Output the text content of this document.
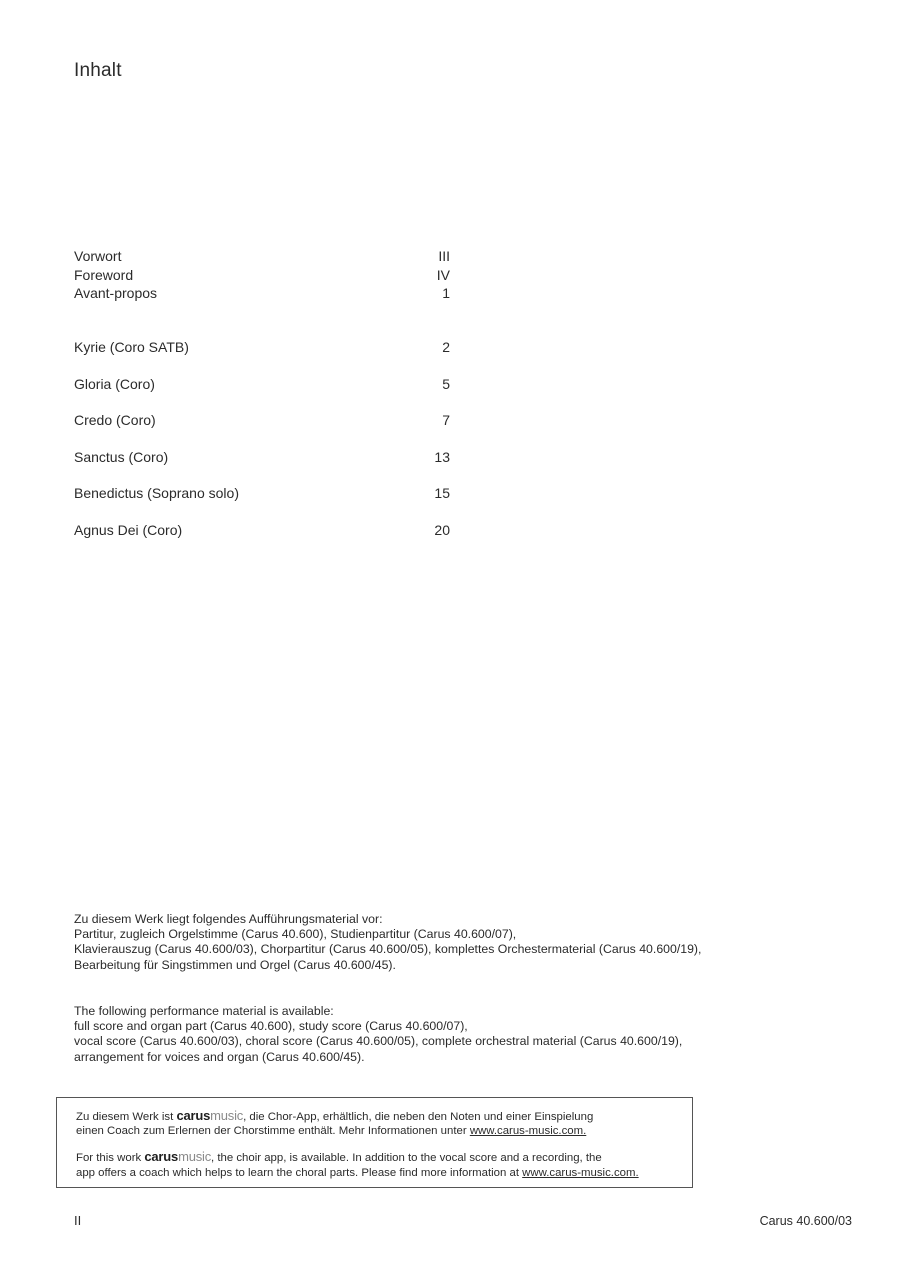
Inhalt
Vorwort	III
Foreword	IV
Avant-propos	1
Kyrie (Coro SATB)	2
Gloria (Coro)	5
Credo (Coro)	7
Sanctus (Coro)	13
Benedictus (Soprano solo)	15
Agnus Dei (Coro)	20

Zu diesem Werk liegt folgendes Aufführungsmaterial vor:

Partitur, zugleich Orgelstimme (Carus 40.600), Studienpartitur (Carus 40.600/07),

Klavierauszug (Carus 40.600/03), Chorpartitur (Carus 40.600/05), komplettes Orchestermaterial (Carus 40.600/19),

Bearbeitung für Singstimmen und Orgel (Carus 40.600/45).

The following performance material is available:

full score and organ part (Carus 40.600), study score (Carus 40.600/07),

vocal score (Carus 40.600/03), choral score (Carus 40.600/05), complete orchestral material (Carus 40.600/19),

arrangement for voices and organ (Carus 40.600/45).

Zu diesem Werk ist carusmusic, die Chor-App, erhältlich, die neben den Noten und einer Einspielung

einen Coach zum Erlernen der Chorstimme enthält. Mehr Informationen unter www.carus-music.com.

For this work carusmusic, the choir app, is available. In addition to the vocal score and a recording, the

app offers a coach which helps to learn the choral parts. Please find more information at www.carus-music.com.

II	Carus 40.600/03
